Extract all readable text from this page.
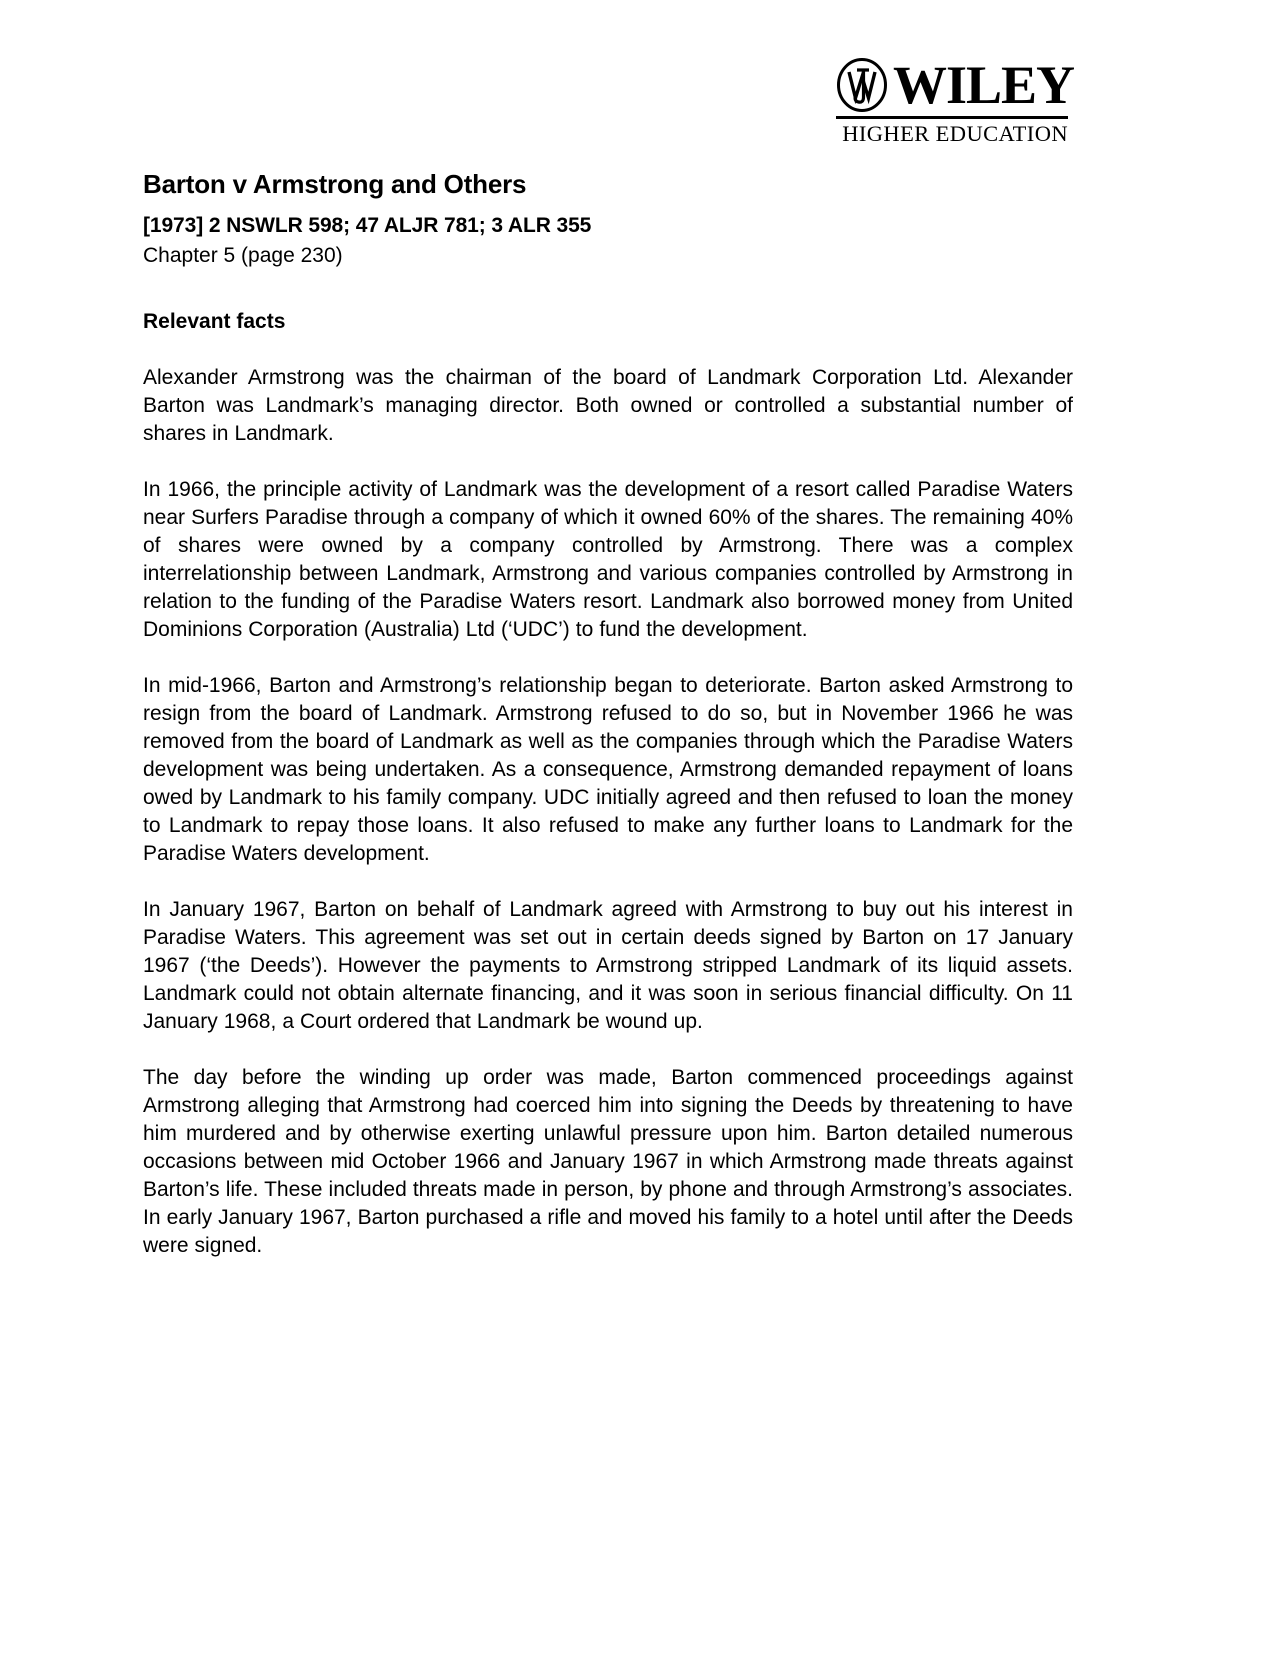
WILEY
HIGHER EDUCATION
Barton v Armstrong and Others
[1973] 2 NSWLR 598; 47 ALJR 781; 3 ALR 355
Chapter 5 (page 230)
Relevant facts

Alexander Armstrong was the chairman of the board of Landmark Corporation Ltd. Alexander Barton was Landmark’s managing director. Both owned or controlled a substantial number of shares in Landmark.

In 1966, the principle activity of Landmark was the development of a resort called Paradise Waters near Surfers Paradise through a company of which it owned 60% of the shares. The remaining 40% of shares were owned by a company controlled by Armstrong. There was a complex interrelationship between Landmark, Armstrong and various companies controlled by Armstrong in relation to the funding of the Paradise Waters resort. Landmark also borrowed money from United Dominions Corporation (Australia) Ltd (‘UDC’) to fund the development.

In mid-1966, Barton and Armstrong’s relationship began to deteriorate. Barton asked Armstrong to resign from the board of Landmark. Armstrong refused to do so, but in November 1966 he was removed from the board of Landmark as well as the companies through which the Paradise Waters development was being undertaken. As a consequence, Armstrong demanded repayment of loans owed by Landmark to his family company. UDC initially agreed and then refused to loan the money to Landmark to repay those loans. It also refused to make any further loans to Landmark for the Paradise Waters development.

In January 1967, Barton on behalf of Landmark agreed with Armstrong to buy out his interest in Paradise Waters. This agreement was set out in certain deeds signed by Barton on 17 January 1967 (‘the Deeds’). However the payments to Armstrong stripped Landmark of its liquid assets. Landmark could not obtain alternate financing, and it was soon in serious financial difficulty. On 11 January 1968, a Court ordered that Landmark be wound up.

The day before the winding up order was made, Barton commenced proceedings against Armstrong alleging that Armstrong had coerced him into signing the Deeds by threatening to have him murdered and by otherwise exerting unlawful pressure upon him. Barton detailed numerous occasions between mid October 1966 and January 1967 in which Armstrong made threats against Barton’s life. These included threats made in person, by phone and through Armstrong’s associates. In early January 1967, Barton purchased a rifle and moved his family to a hotel until after the Deeds were signed.
